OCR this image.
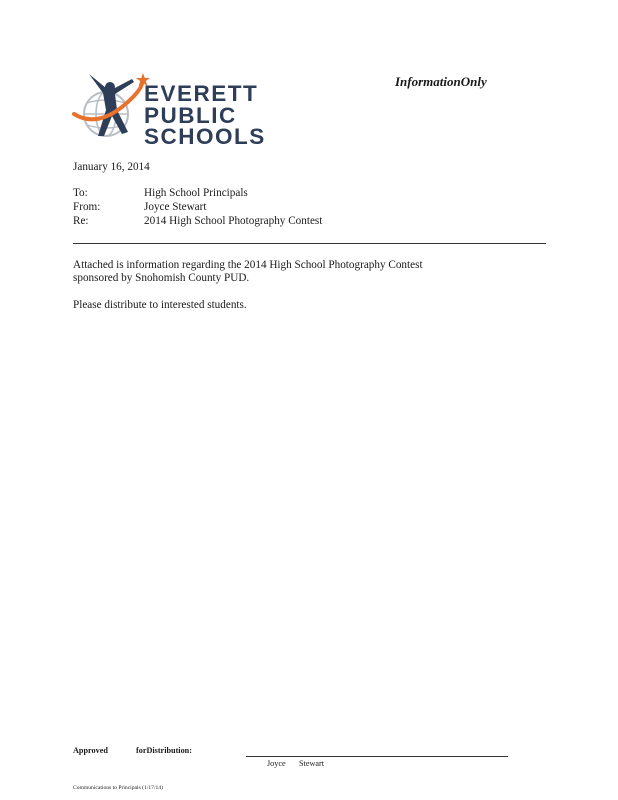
EVERETT
PUBLIC
SCHOOLS
InformationOnly
January 16, 2014
To:	High School Principals
From:	Joyce Stewart
Re:	2014 High School Photography Contest
Attached is information regarding the 2014 High School Photography Contest
sponsored by Snohomish County PUD.
Please distribute to interested students.
Approved	forDistribution:
Joyce Stewart
Communications to Principals (1/17/14)
